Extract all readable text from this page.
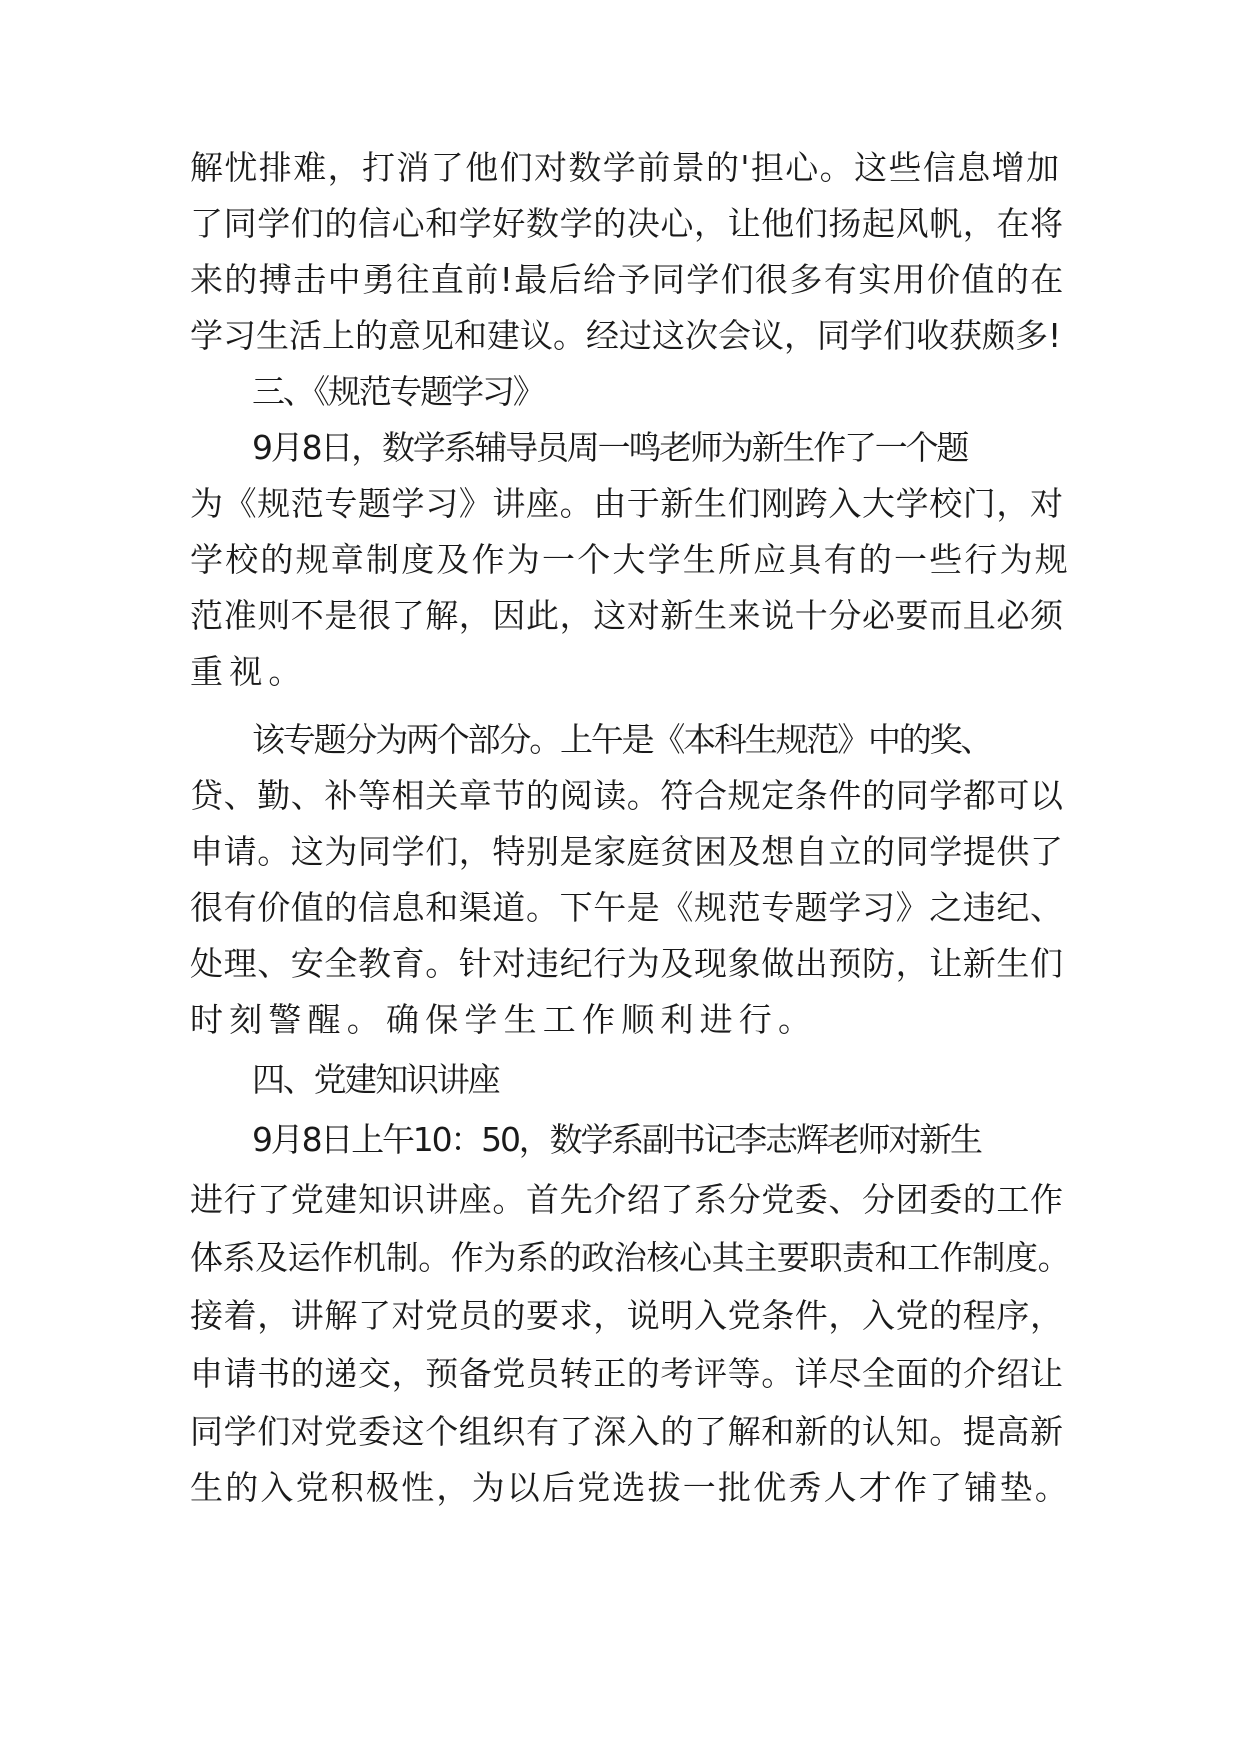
解忧排难，打消了他们对数学前景的'担心。这些信息增加
了同学们的信心和学好数学的决心，让他们扬起风帆，在将
来的搏击中勇往直前!最后给予同学们很多有实用价值的在
学习生活上的意见和建议。经过这次会议，同学们收获颇多!
三、《规范专题学习》
9月8日，数学系辅导员周一鸣老师为新生作了一个题
为《规范专题学习》讲座。由于新生们刚跨入大学校门，对
学校的规章制度及作为一个大学生所应具有的一些行为规
范准则不是很了解，因此，这对新生来说十分必要而且必须
重视。
该专题分为两个部分。上午是《本科生规范》中的奖、
贷、勤、补等相关章节的阅读。符合规定条件的同学都可以
申请。这为同学们，特别是家庭贫困及想自立的同学提供了
很有价值的信息和渠道。下午是《规范专题学习》之违纪、
处理、安全教育。针对违纪行为及现象做出预防，让新生们
时刻警醒。确保学生工作顺利进行。
四、党建知识讲座
9月8日上午10：50，数学系副书记李志辉老师对新生
进行了党建知识讲座。首先介绍了系分党委、分团委的工作
体系及运作机制。作为系的政治核心其主要职责和工作制度。
接着，讲解了对党员的要求，说明入党条件，入党的程序，
申请书的递交，预备党员转正的考评等。详尽全面的介绍让
同学们对党委这个组织有了深入的了解和新的认知。提高新
生的入党积极性，为以后党选拔一批优秀人才作了铺垫。
